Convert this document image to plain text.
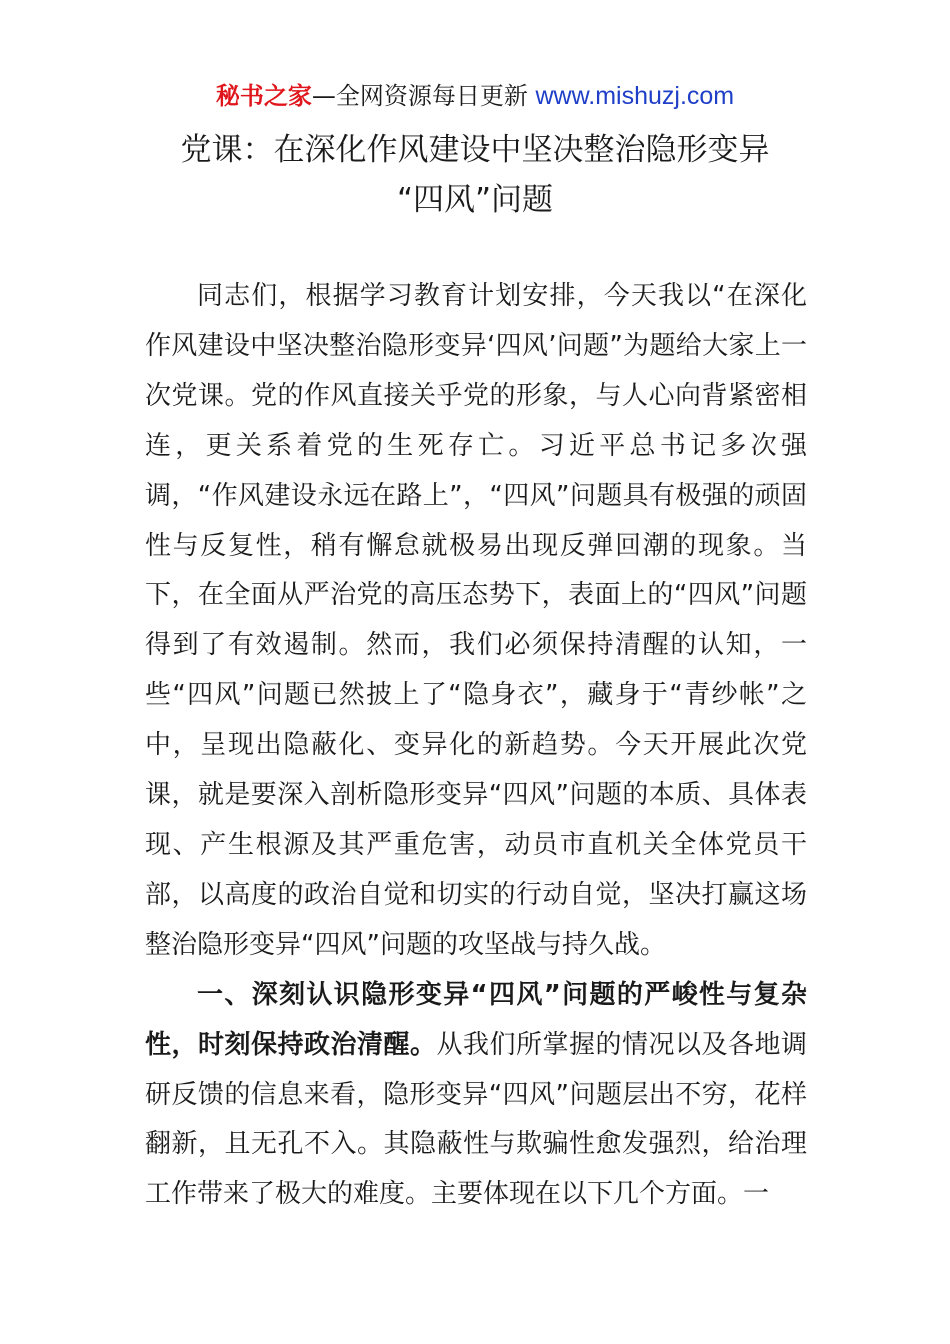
秘书之家—全网资源每日更新 www.mishuzj.com
党课：在深化作风建设中坚决整治隐形变异
“四风”问题

同志们，根据学习教育计划安排，今天我以“在深化作风建设中坚决整治隐形变异‘四风’问题”为题给大家上一次党课。党的作风直接关乎党的形象，与人心向背紧密相连，更关系着党的生死存亡。习近平总书记多次强调，“作风建设永远在路上”，“四风”问题具有极强的顽固性与反复性，稍有懈怠就极易出现反弹回潮的现象。当下，在全面从严治党的高压态势下，表面上的“四风”问题得到了有效遏制。然而，我们必须保持清醒的认知，一些“四风”问题已然披上了“隐身衣”，藏身于“青纱帐”之中，呈现出隐蔽化、变异化的新趋势。今天开展此次党课，就是要深入剖析隐形变异“四风”问题的本质、具体表现、产生根源及其严重危害，动员市直机关全体党员干部，以高度的政治自觉和切实的行动自觉，坚决打赢这场整治隐形变异“四风”问题的攻坚战与持久战。

一、深刻认识隐形变异“四风”问题的严峻性与复杂性，时刻保持政治清醒。从我们所掌握的情况以及各地调研反馈的信息来看，隐形变异“四风”问题层出不穷，花样翻新，且无孔不入。其隐蔽性与欺骗性愈发强烈，给治理工作带来了极大的难度。主要体现在以下几个方面。一
